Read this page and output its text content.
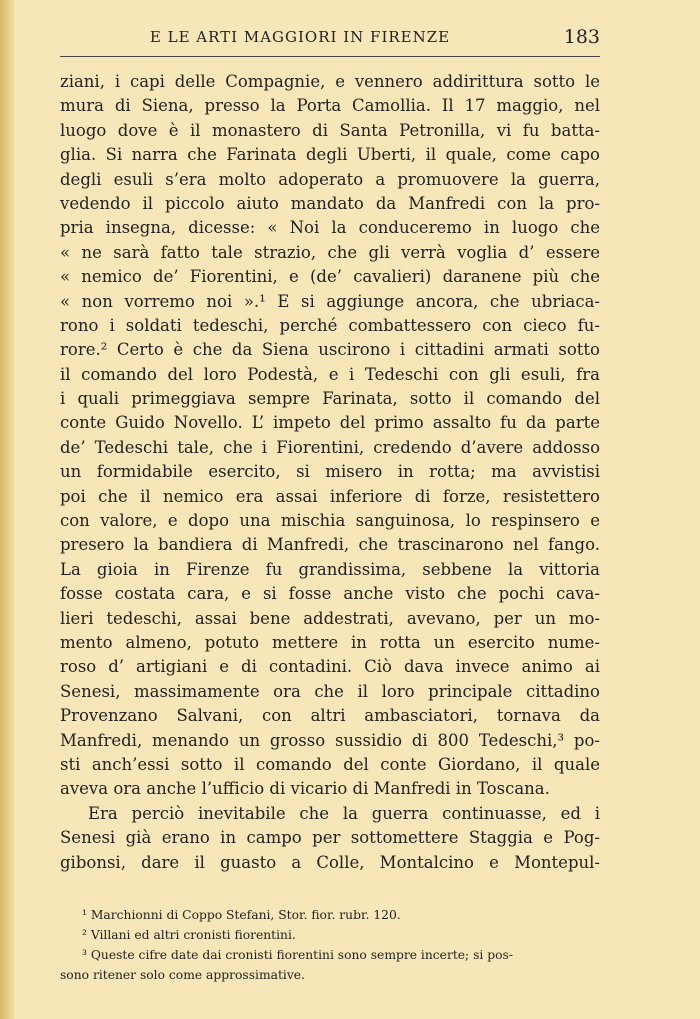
E LE ARTI MAGGIORI IN FIRENZE	183
ziani, i capi delle Compagnie, e vennero addirittura sotto le
mura di Siena, presso la Porta Camollia. Il 17 maggio, nel
luogo dove è il monastero di Santa Petronilla, vi fu batta-
glia. Si narra che Farinata degli Uberti, il quale, come capo
degli esuli s’era molto adoperato a promuovere la guerra,
vedendo il piccolo aiuto mandato da Manfredi con la pro-
pria insegna, dicesse: « Noi la conduceremo in luogo che
« ne sarà fatto tale strazio, che gli verrà voglia d’ essere
« nemico de’ Fiorentini, e (de’ cavalieri) daranene più che
« non vorremo noi ».¹ E si aggiunge ancora, che ubriaca-
rono i soldati tedeschi, perché combattessero con cieco fu-
rore.² Certo è che da Siena uscirono i cittadini armati sotto
il comando del loro Podestà, e i Tedeschi con gli esuli, fra
i quali primeggiava sempre Farinata, sotto il comando del
conte Guido Novello. L’ impeto del primo assalto fu da parte
de’ Tedeschi tale, che i Fiorentini, credendo d’avere addosso
un formidabile esercito, si misero in rotta; ma avvistisi
poi che il nemico era assai inferiore di forze, resistettero
con valore, e dopo una mischia sanguinosa, lo respinsero e
presero la bandiera di Manfredi, che trascinarono nel fango.
La gioia in Firenze fu grandissima, sebbene la vittoria
fosse costata cara, e si fosse anche visto che pochi cava-
lieri tedeschi, assai bene addestrati, avevano, per un mo-
mento almeno, potuto mettere in rotta un esercito nume-
roso d’ artigiani e di contadini. Ciò dava invece animo ai
Senesi, massimamente ora che il loro principale cittadino
Provenzano Salvani, con altri ambasciatori, tornava da
Manfredi, menando un grosso sussidio di 800 Tedeschi,³ po-
sti anch’essi sotto il comando del conte Giordano, il quale
aveva ora anche l’ufficio di vicario di Manfredi in Toscana.
Era perciò inevitabile che la guerra continuasse, ed i
Senesi già erano in campo per sottomettere Staggia e Pog-
gibonsi, dare il guasto a Colle, Montalcino e Montepul-
¹ Marchionni di Coppo Stefani, Stor. fior. rubr. 120.
² Villani ed altri cronisti fiorentini.
³ Queste cifre date dai cronisti fiorentini sono sempre incerte; si pos-
sono ritener solo come approssimative.
